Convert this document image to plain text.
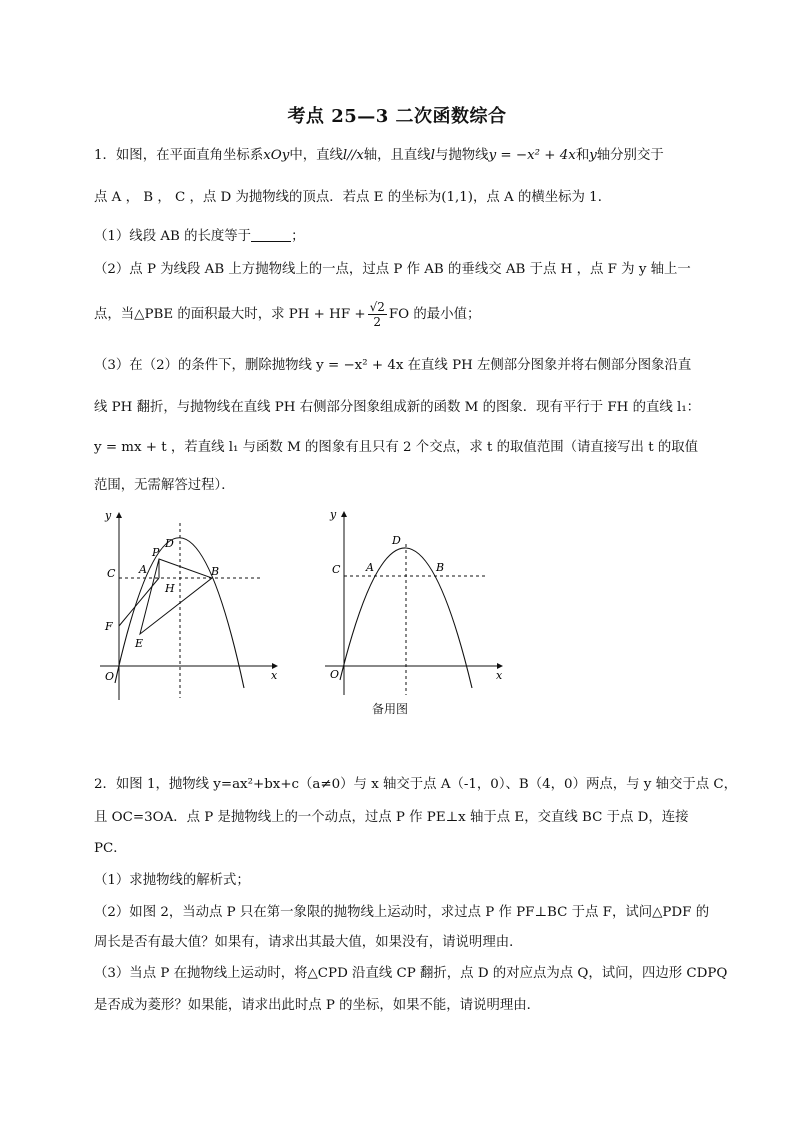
考点 25—3 二次函数综合
1．如图，在平面直角坐标系xOy中，直线l//x轴，且直线l与抛物线y = −x² + 4x和y轴分别交于
点 A ， B ， C ，点 D 为抛物线的顶点．若点 E 的坐标为(1,1)，点 A 的横坐标为 1．
（1）线段 AB 的长度等于	；
（2）点 P 为线段 AB 上方抛物线上的一点，过点 P 作 AB 的垂线交 AB 于点 H ，点 F 为 y 轴上一
点，当△PBE 的面积最大时，求 PH + HF + $\frac{√2}{2}$ FO 的最小值；
（3）在（2）的条件下，删除抛物线 y = −x² + 4x 在直线 PH 左侧部分图象并将右侧部分图象沿直
线 PH 翻折，与抛物线在直线 PH 右侧部分图象组成新的函数 M 的图象．现有平行于 FH 的直线 l₁：
y = mx + t ，若直线 l₁ 与函数 M 的图象有且只有 2 个交点，求 t 的取值范围（请直接写出 t 的取值
范围，无需解答过程）．
y
x
O
C A
P
D
B
H
F
E
y
x
O
C A
D
B
备用图
2．如图 1，抛物线 y=ax²+bx+c（a≠0）与 x 轴交于点 A（-1，0）、B（4，0）两点，与 y 轴交于点 C，
且 OC=3OA．点 P 是抛物线上的一个动点，过点 P 作 PE⊥x 轴于点 E，交直线 BC 于点 D，连接
PC．
（1）求抛物线的解析式；
（2）如图 2，当动点 P 只在第一象限的抛物线上运动时，求过点 P 作 PF⊥BC 于点 F，试问△PDF 的
周长是否有最大值？如果有，请求出其最大值，如果没有，请说明理由．
（3）当点 P 在抛物线上运动时，将△CPD 沿直线 CP 翻折，点 D 的对应点为点 Q，试问，四边形 CDPQ
是否成为菱形？如果能，请求出此时点 P 的坐标，如果不能，请说明理由．
